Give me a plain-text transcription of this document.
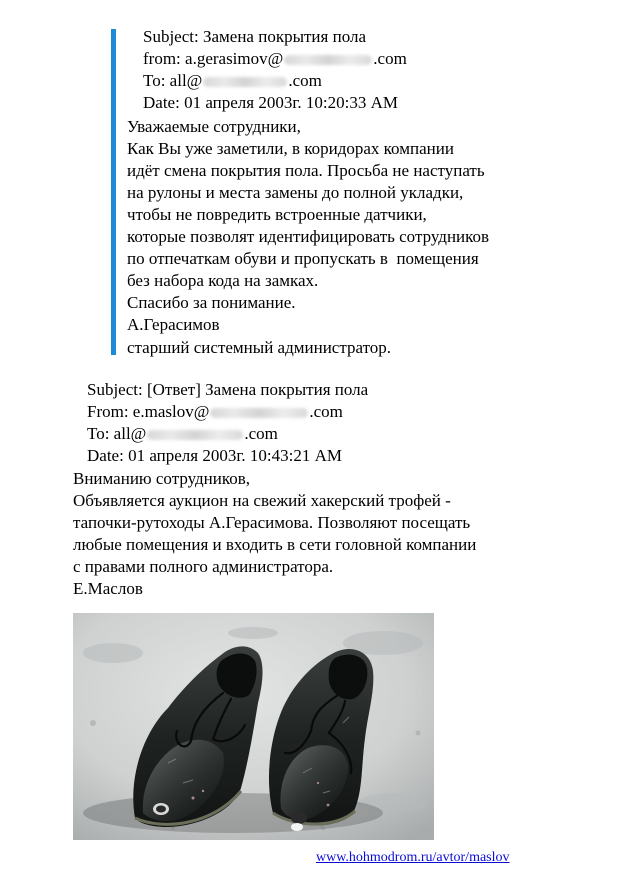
Subject: Замена покрытия пола
from: a.gerasimov@	.com
To: all@	.com
Date: 01 апреля 2003г. 10:20:33 AM
Уважаемые сотрудники,
Как Вы уже заметили, в коридорах компании
идёт смена покрытия пола. Просьба не наступать
на рулоны и места замены до полной укладки,
чтобы не повредить встроенные датчики,
которые позволят идентифицировать сотрудников
по отпечаткам обуви и пропускать в  помещения
без набора кода на замках.
Спасибо за понимание.
А.Герасимов
старший системный администратор.
Subject: [Ответ] Замена покрытия пола
From: e.maslov@	.com
To: all@	.com
Date: 01 апреля 2003г. 10:43:21 AM
Вниманию сотрудников,
Объявляется аукцион на свежий хакерский трофей -
тапочки-рутоходы А.Герасимова. Позволяют посещать
любые помещения и входить в сети головной компании
с правами полного администратора.
Е.Маслов
www.hohmodrom.ru/avtor/maslov
